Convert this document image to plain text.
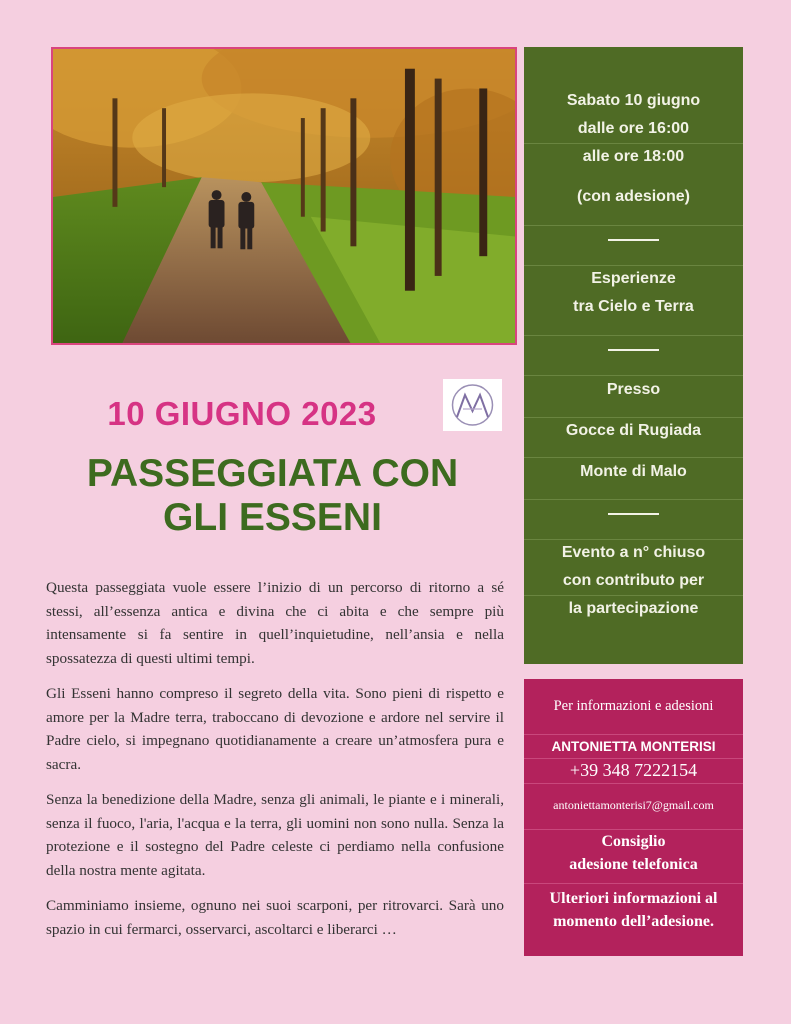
10 GIUGNO 2023
PASSEGGIATA CON
GLI ESSENI

Questa passeggiata vuole essere l’inizio di un percorso di ritorno a sé stessi, all’essenza antica e divina che ci abita e che sempre più intensamente si fa sentire in quell’inquietudine, nell’ansia e nella spossatezza di questi ultimi tempi.

Gli Esseni hanno compreso il segreto della vita. Sono pieni di rispetto e amore per la Madre terra, traboccano di devozione e ardore nel servire il Padre cielo, si impegnano quotidianamente a creare un’atmosfera pura e sacra.

Senza la benedizione della Madre, senza gli animali, le piante e i minerali, senza il fuoco, l'aria, l'acqua e la terra, gli uomini non sono nulla. Senza la protezione e il sostegno del Padre celeste ci perdiamo nella confusione della nostra mente agitata.

Camminiamo insieme, ognuno nei suoi scarponi, per ritrovarci. Sarà uno spazio in cui fermarci, osservarci, ascoltarci e liberarci …

Sabato 10 giugno
dalle ore 16:00
alle ore 18:00
(con adesione)
Esperienze
tra Cielo e Terra
Presso
Gocce di Rugiada
Monte di Malo
Evento a n° chiuso
con contributo per
la partecipazione
Per informazioni e adesioni
ANTONIETTA MONTERISI
+39 348 7222154
antoniettamonterisi7@gmail.com
Consiglio
adesione telefonica
Ulteriori informazioni al
momento dell’adesione.
